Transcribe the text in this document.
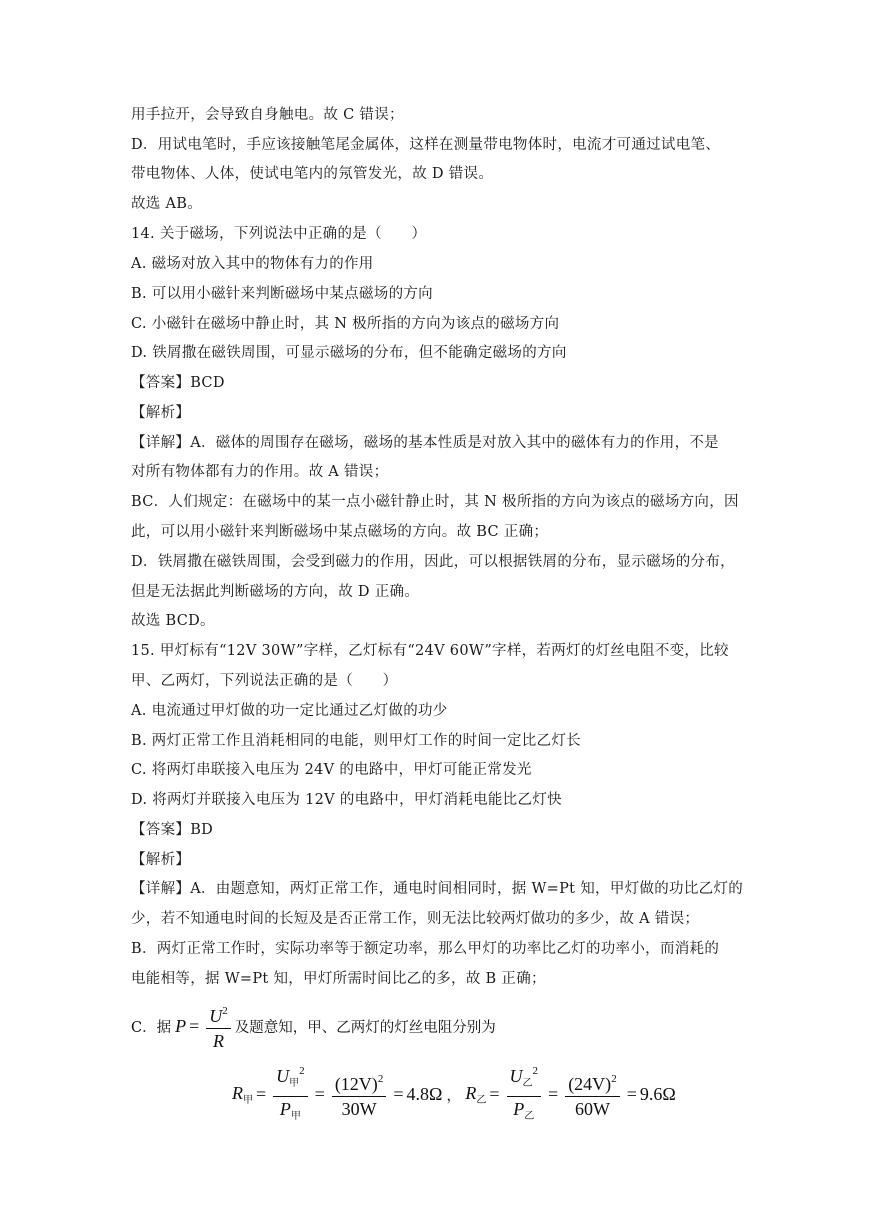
用手拉开，会导致自身触电。故 C 错误；
D．用试电笔时，手应该接触笔尾金属体，这样在测量带电物体时，电流才可通过试电笔、
带电物体、人体，使试电笔内的氖管发光，故 D 错误。
故选 AB。
14. 关于磁场，下列说法中正确的是（　　）
A. 磁场对放入其中的物体有力的作用
B. 可以用小磁针来判断磁场中某点磁场的方向
C. 小磁针在磁场中静止时，其 N 极所指的方向为该点的磁场方向
D. 铁屑撒在磁铁周围，可显示磁场的分布，但不能确定磁场的方向
【答案】BCD
【解析】
【详解】A．磁体的周围存在磁场，磁场的基本性质是对放入其中的磁体有力的作用，不是
对所有物体都有力的作用。故 A 错误；
BC．人们规定：在磁场中的某一点小磁针静止时，其 N 极所指的方向为该点的磁场方向，因
此，可以用小磁针来判断磁场中某点磁场的方向。故 BC 正确；
D．铁屑撒在磁铁周围，会受到磁力的作用，因此，可以根据铁屑的分布，显示磁场的分布，
但是无法据此判断磁场的方向，故 D 正确。
故选 BCD。
15. 甲灯标有“12V 30W”字样，乙灯标有“24V 60W”字样，若两灯的灯丝电阻不变，比较
甲、乙两灯，下列说法正确的是（　　）
A. 电流通过甲灯做的功一定比通过乙灯做的功少
B. 两灯正常工作且消耗相同的电能，则甲灯工作的时间一定比乙灯长
C. 将两灯串联接入电压为 24V 的电路中，甲灯可能正常发光
D. 将两灯并联接入电压为 12V 的电路中，甲灯消耗电能比乙灯快
【答案】BD
【解析】
【详解】A．由题意知，两灯正常工作，通电时间相同时，据 W=Pt 知，甲灯做的功比乙灯的
少，若不知通电时间的长短及是否正常工作，则无法比较两灯做功的多少，故 A 错误；
B．两灯正常工作时，实际功率等于额定功率，那么甲灯的功率比乙灯的功率小，而消耗的
电能相等，据 W=Pt 知，甲灯所需时间比乙的多，故 B 正确；
C．据 $P = \frac{U^2}{R}$ 及题意知，甲、乙两灯的灯丝电阻分别为
$R_甲 = \frac{U_甲^2}{P_甲} = \frac{(12V)^2}{30W} = 4.8\Omega$ ， $R_乙 = \frac{U_乙^2}{P_乙} = \frac{(24V)^2}{60W} = 9.6\Omega$
